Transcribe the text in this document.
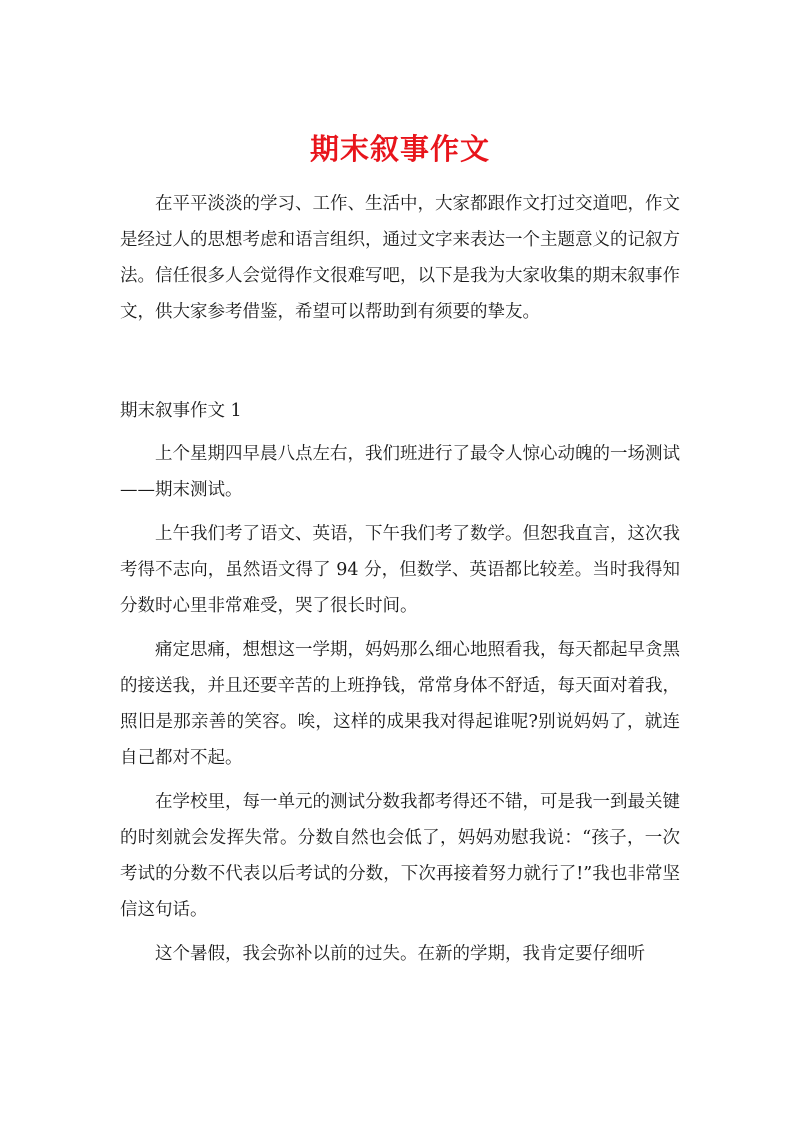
期末叙事作文

在平平淡淡的学习、工作、生活中，大家都跟作文打过交道吧，作文是经过人的思想考虑和语言组织，通过文字来表达一个主题意义的记叙方法。信任很多人会觉得作文很难写吧，以下是我为大家收集的期末叙事作文，供大家参考借鉴，希望可以帮助到有须要的挚友。

期末叙事作文 1

上个星期四早晨八点左右，我们班进行了最令人惊心动魄的一场测试——期末测试。

上午我们考了语文、英语，下午我们考了数学。但恕我直言，这次我考得不志向，虽然语文得了 94 分，但数学、英语都比较差。当时我得知分数时心里非常难受，哭了很长时间。

痛定思痛，想想这一学期，妈妈那么细心地照看我，每天都起早贪黑的接送我，并且还要辛苦的上班挣钱，常常身体不舒适，每天面对着我，照旧是那亲善的笑容。唉，这样的成果我对得起谁呢?别说妈妈了，就连自己都对不起。

在学校里，每一单元的测试分数我都考得还不错，可是我一到最关键的时刻就会发挥失常。分数自然也会低了，妈妈劝慰我说：“孩子，一次考试的分数不代表以后考试的分数，下次再接着努力就行了!”我也非常坚信这句话。

这个暑假，我会弥补以前的过失。在新的学期，我肯定要仔细听
